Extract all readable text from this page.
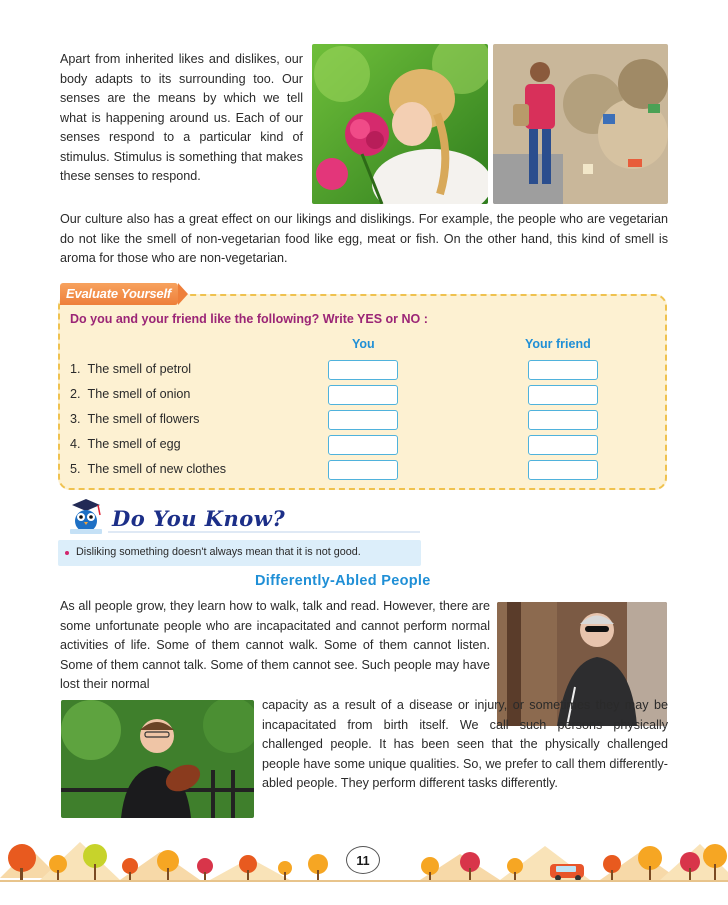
Apart from inherited likes and dislikes, our body adapts to its surrounding too. Our senses are the means by which we tell what is happening around us. Each of our senses respond to a particular kind of stimulus. Stimulus is something that makes these senses to respond.

Our culture also has a great effect on our likings and dislikings. For example, the people who are vegetarian do not like the smell of non-vegetarian food like egg, meat or fish. On the other hand, this kind of smell is aroma for those who are non-vegetarian.

Evaluate Yourself
Do you and your friend like the following? Write YES or NO :
You	Your friend
1.  The smell of petrol
2.  The smell of onion
3.  The smell of flowers
4.  The smell of egg
5.  The smell of new clothes
Do You Know?
Disliking something doesn't always mean that it is not good.
Differently-Abled People

As all people grow, they learn how to walk, talk and read. However, there are some unfortunate people who are incapacitated and cannot perform normal activities of life. Some of them cannot walk. Some of them cannot listen. Some of them cannot talk. Some of them cannot see. Such people may have lost their normal

capacity as a result of a disease or injury, or sometimes they may be incapacitated from birth itself. We call such persons physically challenged people. It has been seen that the physically challenged people have some unique qualities. So, we prefer to call them differently-abled people. They perform different tasks differently.

11
